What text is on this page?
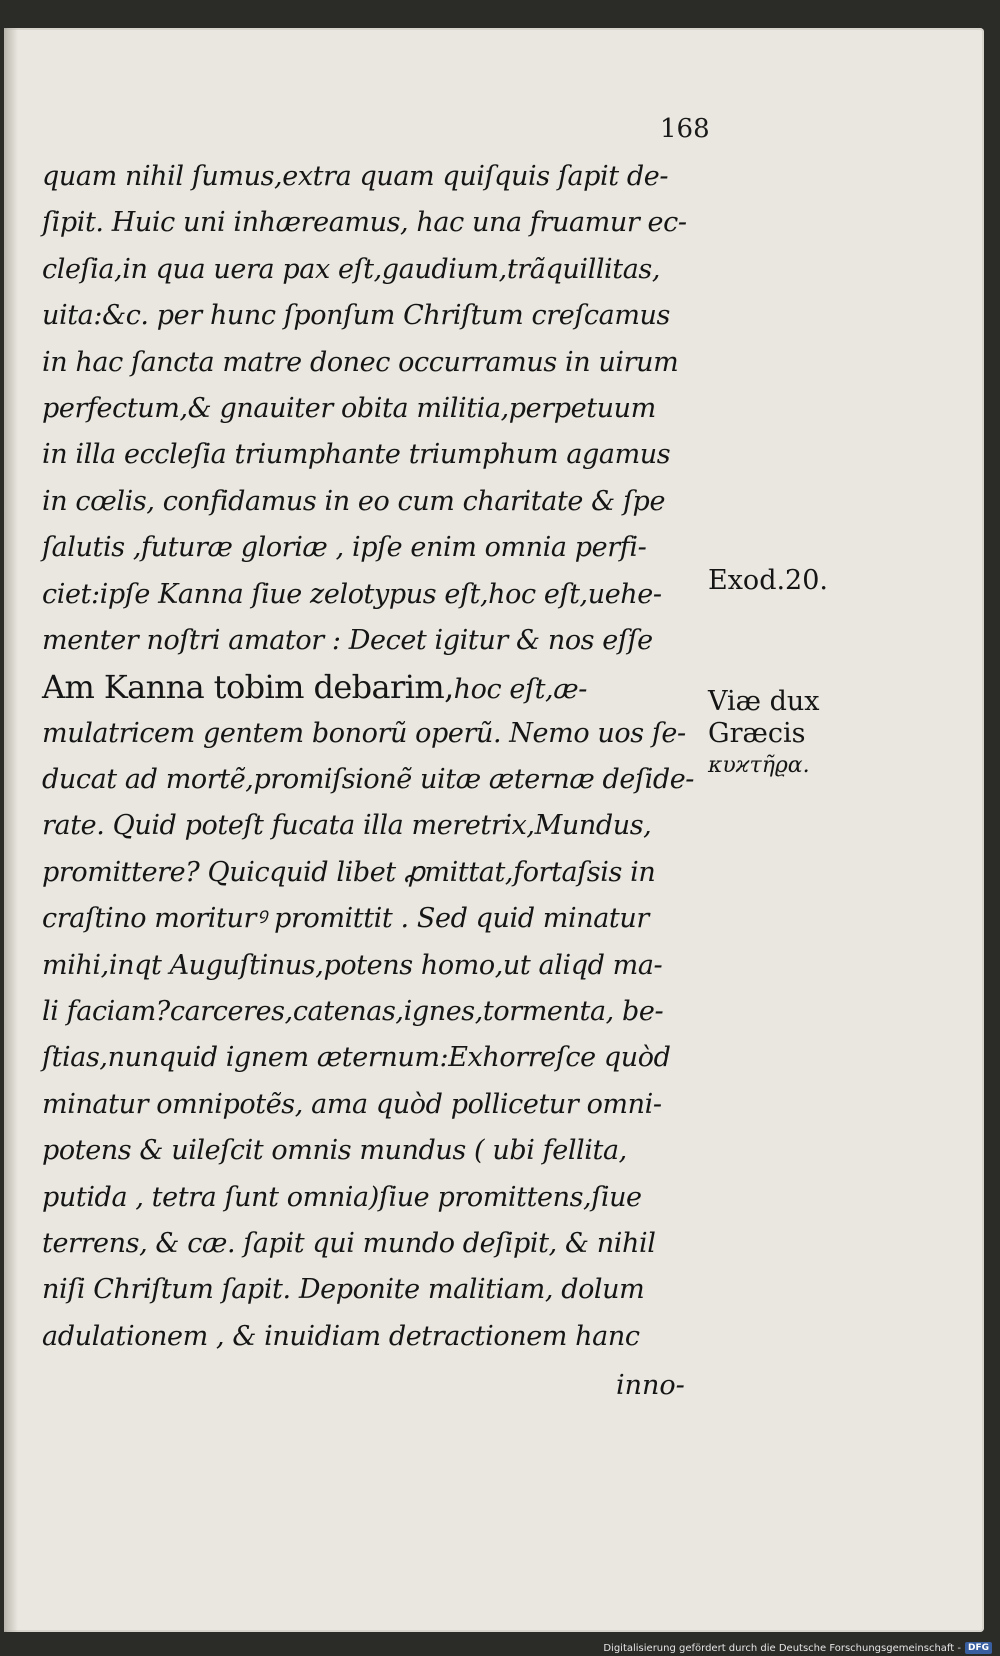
168
quam nihil ſumus,extra quam quiſquis ſapit de-
ſipit. Huic uni inhæreamus, hac una fruamur ec-
cleſia,in qua uera pax eſt,gaudium,trãquillitas,
uita:&c. per hunc ſponſum Chriſtum creſcamus
in hac ſancta matre donec occurramus in uirum
perfectum,& gnauiter obita militia,perpetuum
in illa eccleſia triumphante triumphum agamus
in cœlis, confidamus in eo cum charitate & ſpe
ſalutis ,futuræ gloriæ , ipſe enim omnia perfi-
ciet:ipſe Kanna ſiue zelotypus eſt,hoc eſt,uehe-
menter noſtri amator : Decet igitur & nos eſſe
Am Kanna tobim debarim,hoc eſt,æ-
mulatricem gentem bonorũ operũ. Nemo uos ſe-
ducat ad mortẽ,promiſsionẽ uitæ æternæ deſide-
rate. Quid poteſt fucata illa meretrix,Mundus,
promittere? Quicquid libet ꝓmittat,fortaſsis in
craſtino moriturꝰ promittit . Sed quid minatur
mihi,inqt Auguſtinus,potens homo,ut aliqd ma-
li faciam?carceres,catenas,ignes,tormenta, be-
ſtias,nunquid ignem æternum:Exhorreſce quòd
minatur omnipotẽs, ama quòd pollicetur omni-
potens & uileſcit omnis mundus ( ubi fellita,
putida , tetra ſunt omnia)ſiue promittens,ſiue
terrens, & cæ. ſapit qui mundo deſipit, & nihil
niſi Chriſtum ſapit. Deponite malitiam, dolum
adulationem , & inuidiam detractionem hanc
inno-
Exod.20.
Viæ dux
Græcis
κυϰτῆϱα.
Digitalisierung gefördert durch die Deutsche Forschungsgemeinschaft - DFG
